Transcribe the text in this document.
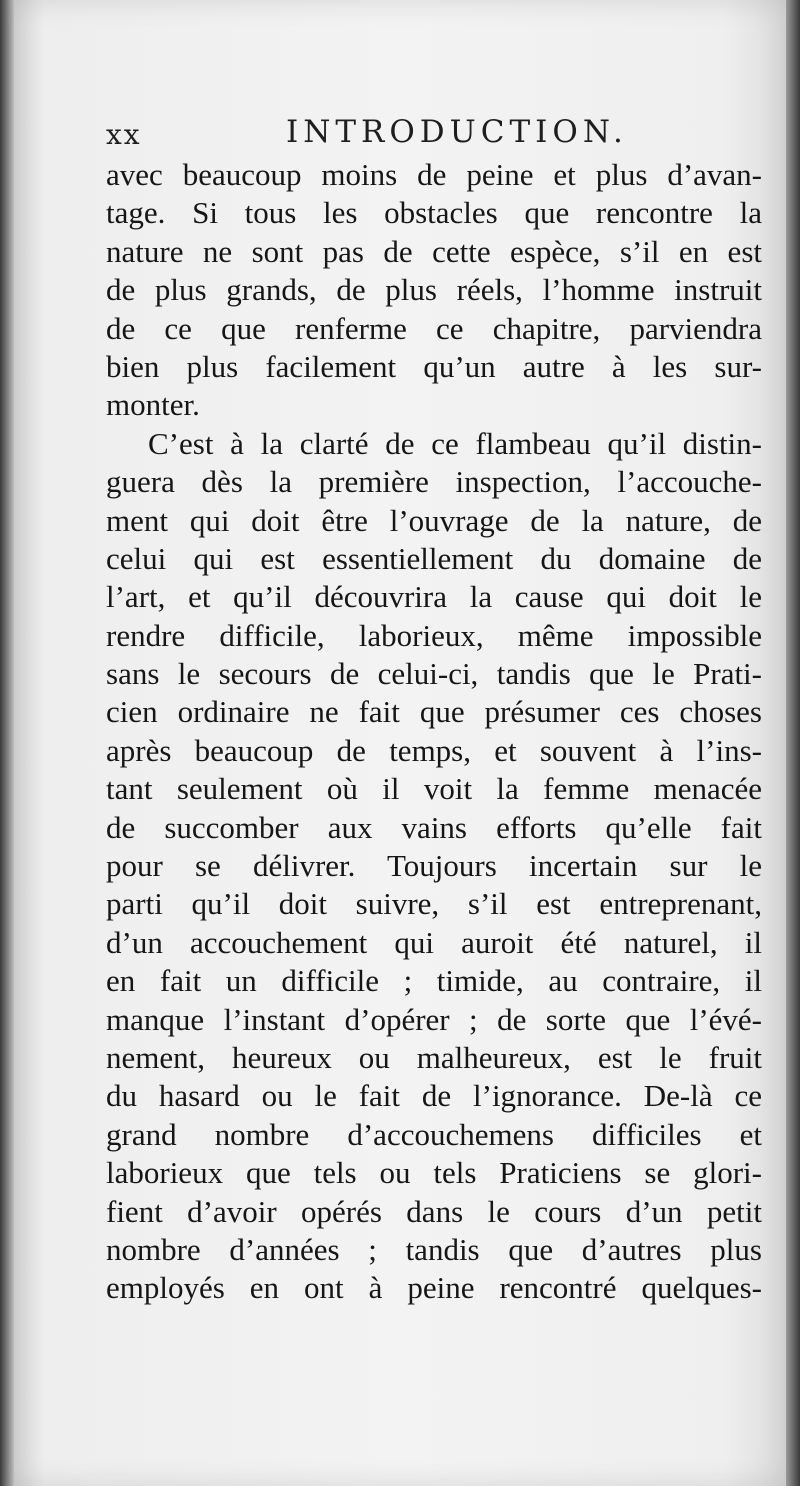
xx	INTRODUCTION.
avec beaucoup moins de peine et plus d’avan-
tage. Si tous les obstacles que rencontre la
nature ne sont pas de cette espèce, s’il en est
de plus grands, de plus réels, l’homme instruit
de ce que renferme ce chapitre, parviendra
bien plus facilement qu’un autre à les sur-
monter.
C’est à la clarté de ce flambeau qu’il distin-
guera dès la première inspection, l’accouche-
ment qui doit être l’ouvrage de la nature, de
celui qui est essentiellement du domaine de
l’art, et qu’il découvrira la cause qui doit le
rendre difficile, laborieux, même impossible
sans le secours de celui-ci, tandis que le Prati-
cien ordinaire ne fait que présumer ces choses
après beaucoup de temps, et souvent à l’ins-
tant seulement où il voit la femme menacée
de succomber aux vains efforts qu’elle fait
pour se délivrer. Toujours incertain sur le
parti qu’il doit suivre, s’il est entreprenant,
d’un accouchement qui auroit été naturel, il
en fait un difficile ; timide, au contraire, il
manque l’instant d’opérer ; de sorte que l’évé-
nement, heureux ou malheureux, est le fruit
du hasard ou le fait de l’ignorance. De-là ce
grand nombre d’accouchemens difficiles et
laborieux que tels ou tels Praticiens se glori-
fient d’avoir opérés dans le cours d’un petit
nombre d’années ; tandis que d’autres plus
employés en ont à peine rencontré quelques-
